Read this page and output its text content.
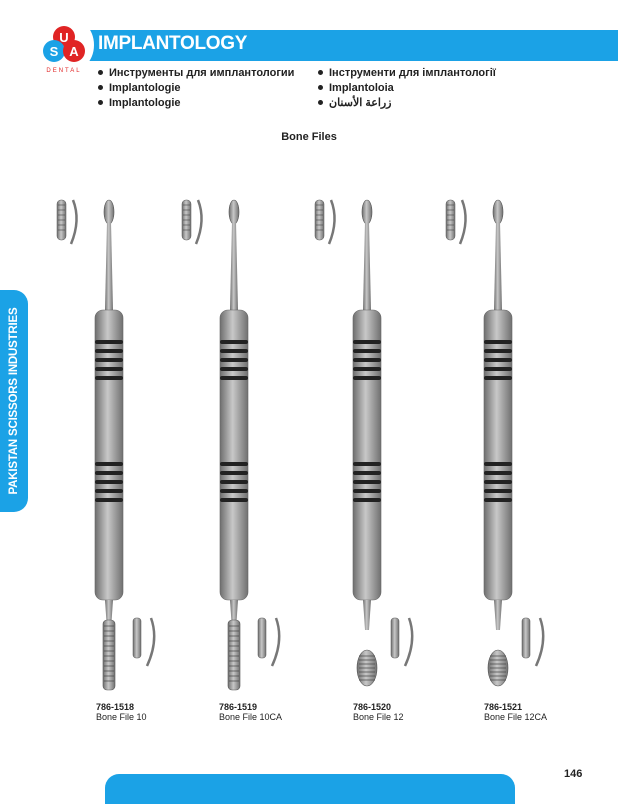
IMPLANTOLOGY
U
S A
DENTAL	Инструменты для имплантологии
Implantologie
Implantologie
Інструменти для імплантології
Implantoloia
زراعة الأسنان
Bone Files
PAKISTAN SCISSORS INDUSTRIES
786-1518
Bone File 10
786-1519
Bone File 10CA
786-1520
Bone File 12
786-1521
Bone File 12CA
146
